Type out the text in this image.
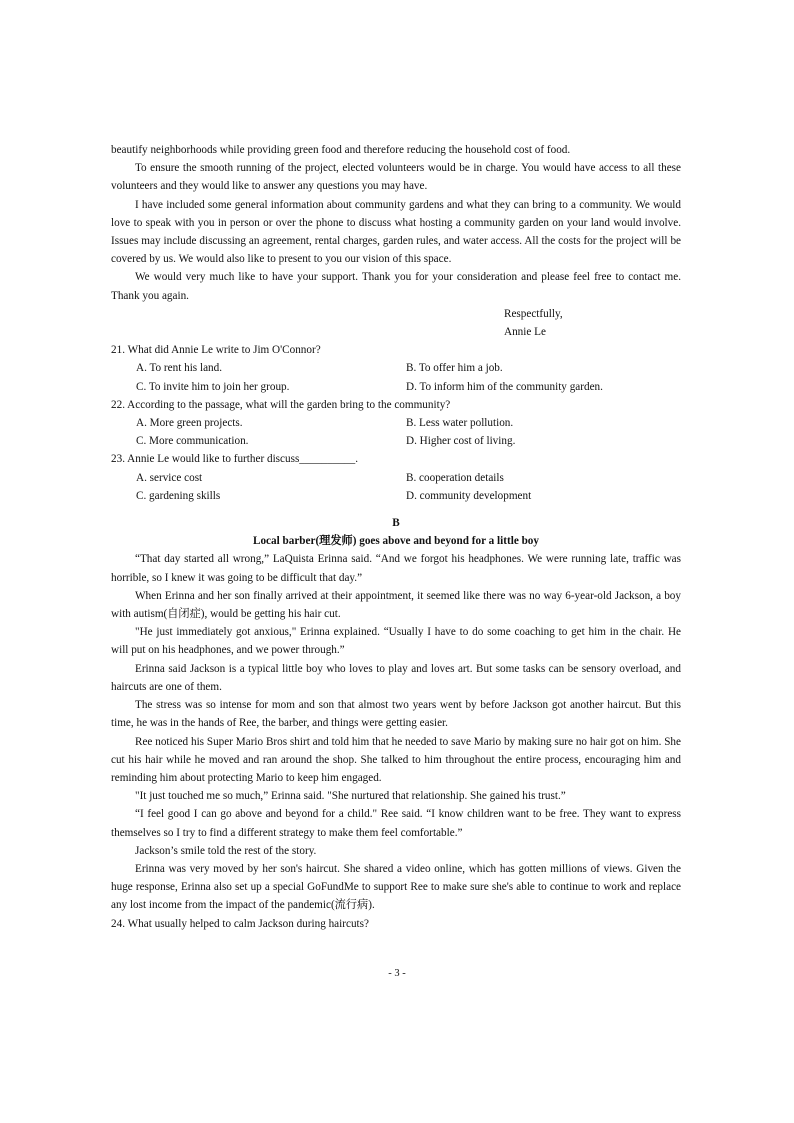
beautify neighborhoods while providing green food and therefore reducing the household cost of food.

To ensure the smooth running of the project, elected volunteers would be in charge. You would have access to all these volunteers and they would like to answer any questions you may have.

I have included some general information about community gardens and what they can bring to a community. We would love to speak with you in person or over the phone to discuss what hosting a community garden on your land would involve. Issues may include discussing an agreement, rental charges, garden rules, and water access. All the costs for the project will be covered by us. We would also like to present to you our vision of this space.

We would very much like to have your support. Thank you for your consideration and please feel free to contact me. Thank you again.

Respectfully,

Annie Le

21. What did Annie Le write to Jim O'Connor?

A. To rent his land.	B. To offer him a job.
C. To invite him to join her group.	D. To inform him of the community garden.

22. According to the passage, what will the garden bring to the community?

A. More green projects.	B. Less water pollution.
C. More communication.	D. Higher cost of living.

23. Annie Le would like to further discuss__________.

A. service cost	B. cooperation details
C. gardening skills	D. community development

B

Local barber(理发师) goes above and beyond for a little boy

“That day started all wrong,” LaQuista Erinna said. “And we forgot his headphones. We were running late, traffic was horrible, so I knew it was going to be difficult that day.”

When Erinna and her son finally arrived at their appointment, it seemed like there was no way 6-year-old Jackson, a boy with autism(自闭症), would be getting his hair cut.

"He just immediately got anxious," Erinna explained. “Usually I have to do some coaching to get him in the chair. He will put on his headphones, and we power through.”

Erinna said Jackson is a typical little boy who loves to play and loves art. But some tasks can be sensory overload, and haircuts are one of them.

The stress was so intense for mom and son that almost two years went by before Jackson got another haircut. But this time, he was in the hands of Ree, the barber, and things were getting easier.

Ree noticed his Super Mario Bros shirt and told him that he needed to save Mario by making sure no hair got on him. She cut his hair while he moved and ran around the shop. She talked to him throughout the entire process, encouraging him and reminding him about protecting Mario to keep him engaged.

"It just touched me so much,” Erinna said. "She nurtured that relationship. She gained his trust.”

“I feel good I can go above and beyond for a child." Ree said. “I know children want to be free. They want to express themselves so I try to find a different strategy to make them feel comfortable.”

Jackson’s smile told the rest of the story.

Erinna was very moved by her son's haircut. She shared a video online, which has gotten millions of views. Given the huge response, Erinna also set up a special GoFundMe to support Ree to make sure she's able to continue to work and replace any lost income from the impact of the pandemic(流行病).

24. What usually helped to calm Jackson during haircuts?

- 3 -
